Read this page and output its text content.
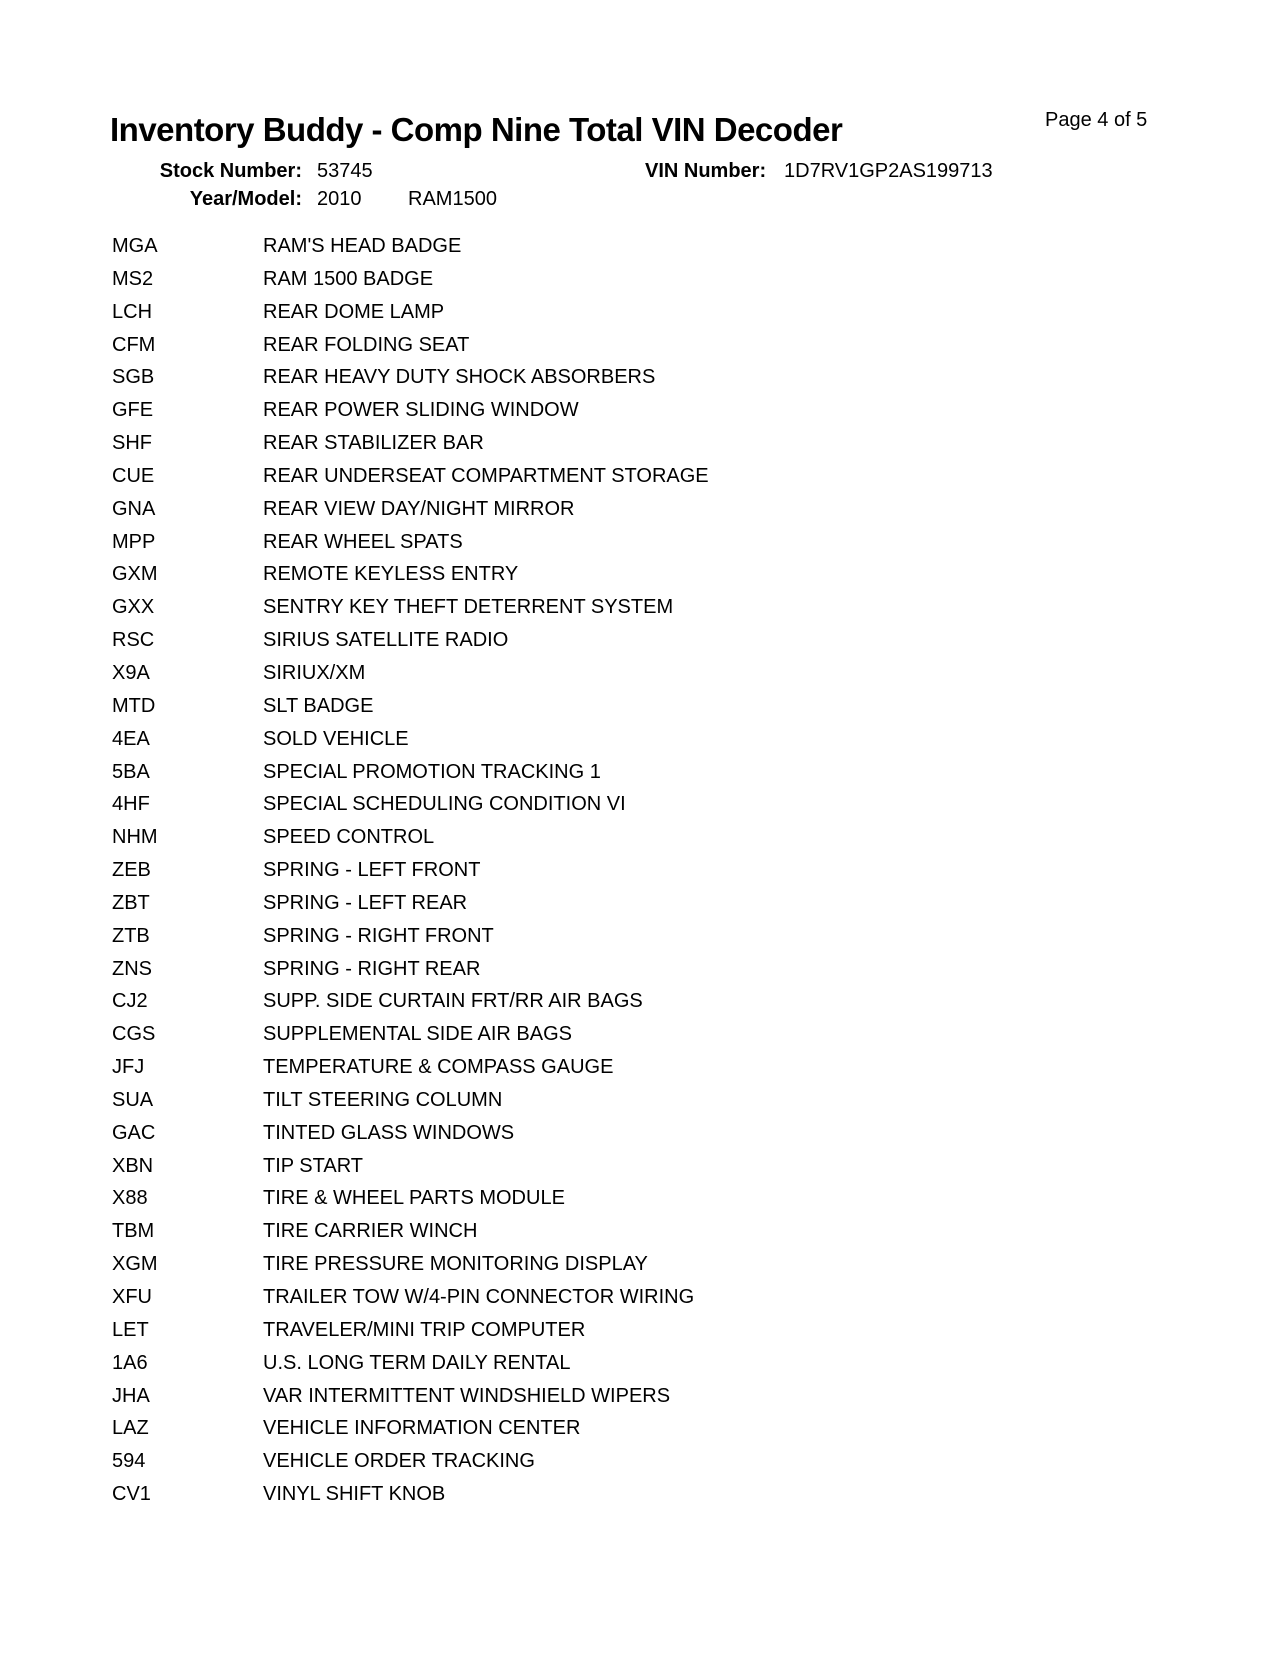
Inventory Buddy - Comp Nine Total VIN Decoder	Page 4 of 5
Stock Number: 53745	VIN Number: 1D7RV1GP2AS199713
Year/Model: 2010 RAM1500
MGA	RAM'S HEAD BADGE
MS2	RAM 1500 BADGE
LCH	REAR DOME LAMP
CFM	REAR FOLDING SEAT
SGB	REAR HEAVY DUTY SHOCK ABSORBERS
GFE	REAR POWER SLIDING WINDOW
SHF	REAR STABILIZER BAR
CUE	REAR UNDERSEAT COMPARTMENT STORAGE
GNA	REAR VIEW DAY/NIGHT MIRROR
MPP	REAR WHEEL SPATS
GXM	REMOTE KEYLESS ENTRY
GXX	SENTRY KEY THEFT DETERRENT SYSTEM
RSC	SIRIUS SATELLITE RADIO
X9A	SIRIUX/XM
MTD	SLT BADGE
4EA	SOLD VEHICLE
5BA	SPECIAL PROMOTION TRACKING 1
4HF	SPECIAL SCHEDULING CONDITION VI
NHM	SPEED CONTROL
ZEB	SPRING - LEFT FRONT
ZBT	SPRING - LEFT REAR
ZTB	SPRING - RIGHT FRONT
ZNS	SPRING - RIGHT REAR
CJ2	SUPP. SIDE CURTAIN FRT/RR AIR BAGS
CGS	SUPPLEMENTAL SIDE AIR BAGS
JFJ	TEMPERATURE & COMPASS GAUGE
SUA	TILT STEERING COLUMN
GAC	TINTED GLASS WINDOWS
XBN	TIP START
X88	TIRE & WHEEL PARTS MODULE
TBM	TIRE CARRIER WINCH
XGM	TIRE PRESSURE MONITORING DISPLAY
XFU	TRAILER TOW W/4-PIN CONNECTOR WIRING
LET	TRAVELER/MINI TRIP COMPUTER
1A6	U.S. LONG TERM DAILY RENTAL
JHA	VAR INTERMITTENT WINDSHIELD WIPERS
LAZ	VEHICLE INFORMATION CENTER
594	VEHICLE ORDER TRACKING
CV1	VINYL SHIFT KNOB
